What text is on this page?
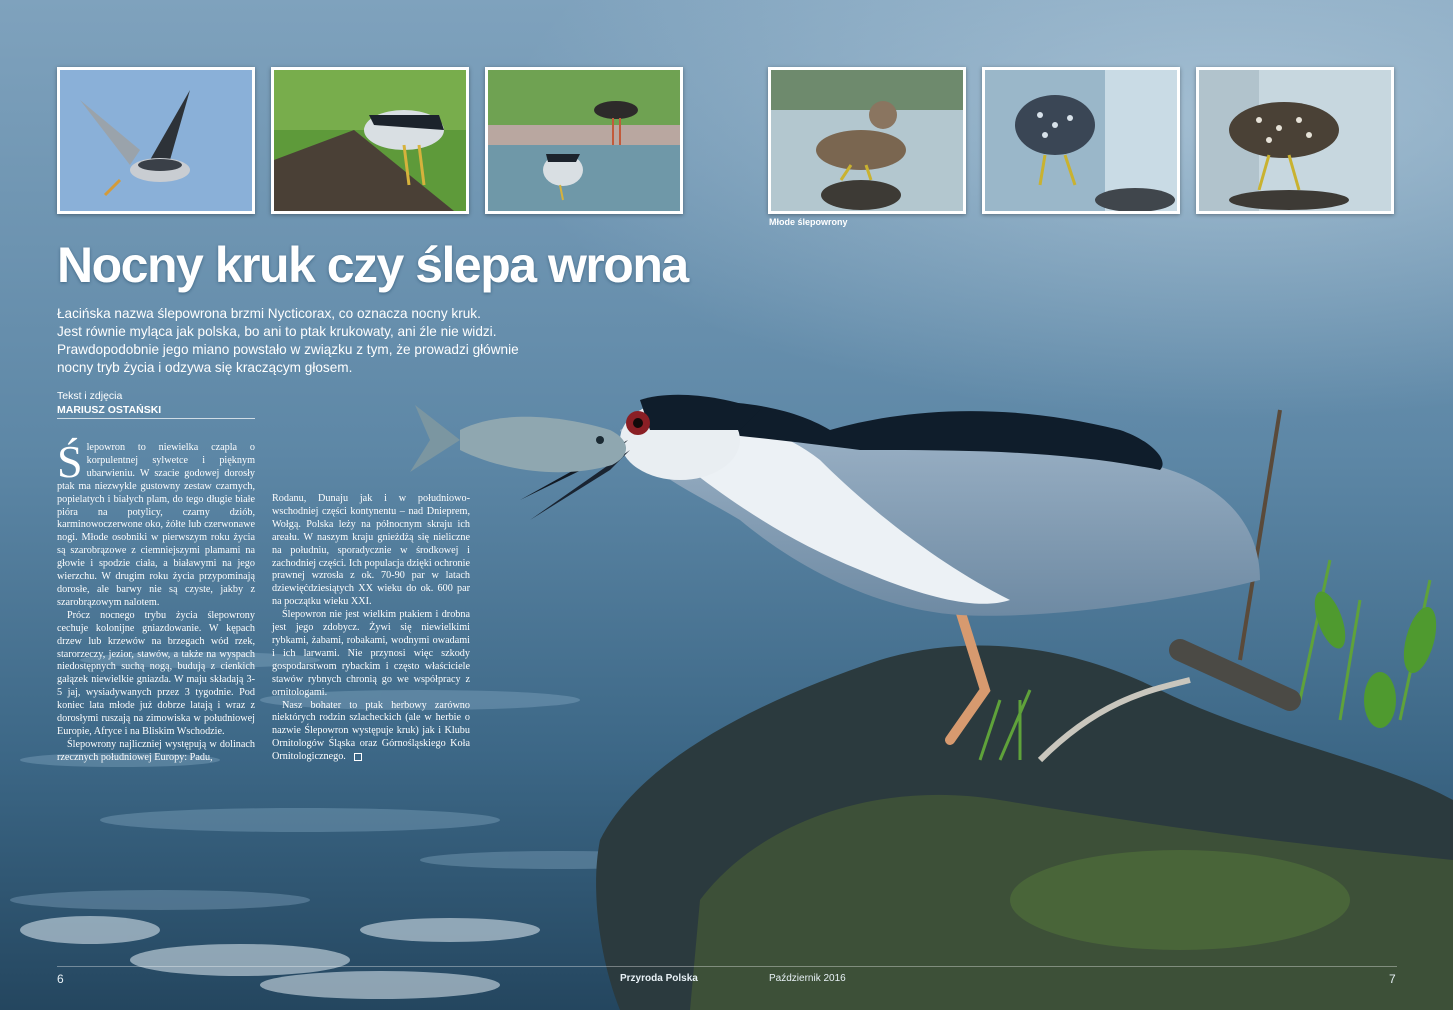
Młode ślepowrony
Nocny kruk czy ślepa wrona

Łacińska nazwa ślepowrona brzmi Nycticorax, co oznacza nocny kruk.

Jest równie myląca jak polska, bo ani to ptak krukowaty, ani źle nie widzi.

Prawdopodobnie jego miano powstało w związku z tym, że prowadzi głównie

nocny tryb życia i odzywa się kraczącym głosem.

Tekst i zdjęcia
MARIUSZ OSTAŃSKI

Ślepowron to niewielka czapla o korpulentnej sylwetce i pięknym ubarwieniu. W szacie godowej dorosły ptak ma niezwykle gustowny zestaw czarnych, popielatych i białych plam, do tego długie białe pióra na potylicy, czarny dziób, karminowoczerwone oko, żółte lub czerwonawe nogi. Młode osobniki w pierwszym roku życia są szarobrązowe z ciemniejszymi plamami na głowie i spodzie ciała, a białawymi na jego wierzchu. W drugim roku życia przypominają dorosłe, ale barwy nie są czyste, jakby z szarobrązowym nalotem.

Prócz nocnego trybu życia ślepowrony cechuje kolonijne gniazdowanie. W kępach drzew lub krzewów na brzegach wód rzek, starorzeczy, jezior, stawów, a także na wyspach niedostępnych suchą nogą, budują z cienkich gałązek niewielkie gniazda. W maju składają 3-5 jaj, wysiadywanych przez 3 tygodnie. Pod koniec lata młode już dobrze latają i wraz z dorosłymi ruszają na zimowiska w południowej Europie, Afryce i na Bliskim Wschodzie.

Ślepowrony najliczniej występują w dolinach rzecznych południowej Europy: Padu,

Rodanu, Dunaju jak i w południowo-wschodniej części kontynentu – nad Dnieprem, Wołgą. Polska leży na północnym skraju ich areału. W naszym kraju gnieżdżą się nieliczne na południu, sporadycznie w środkowej i zachodniej części. Ich populacja dzięki ochronie prawnej wzrosła z ok. 70-90 par w latach dziewięćdziesiątych XX wieku do ok. 600 par na początku wieku XXI.

Ślepowron nie jest wielkim ptakiem i drobna jest jego zdobycz. Żywi się niewielkimi rybkami, żabami, robakami, wodnymi owadami i ich larwami. Nie przynosi więc szkody gospodarstwom rybackim i często właściciele stawów rybnych chronią go we współpracy z ornitologami.

Nasz bohater to ptak herbowy zarówno niektórych rodzin szlacheckich (ale w herbie o nazwie Ślepowron występuje kruk) jak i Klubu Ornitologów Śląska oraz Górnośląskiego Koła Ornitologicznego.

6	Przyroda Polska	Październik 2016	7
